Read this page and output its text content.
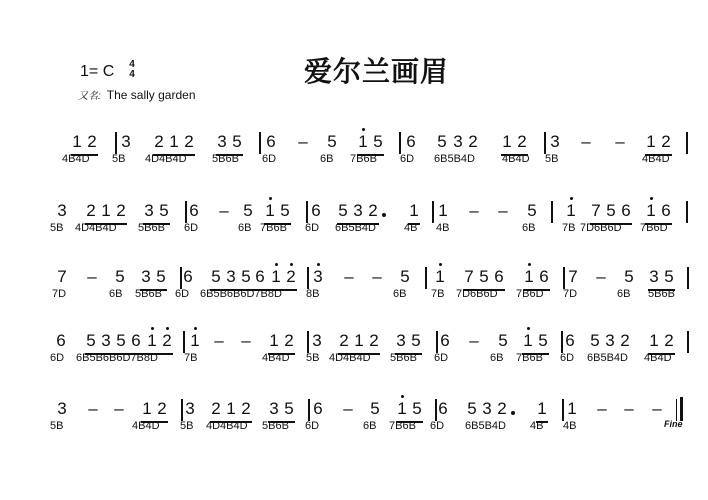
1= C	4
4	爱尔兰画眉
又名: The sally garden
1 2 3 2 1 2 3 5 6 – 5 1 5 6 5 3 2 1 2 3 – – 1 2
4B4D 5B 4D4B4D 5B6B 6D	6B 7B6B 6D 6B5B4D 4B4D 5B	4B4D
3 2 1 2 3 5 6 – 5 1 5 6 5 3 2 1 1 – – 5 1 7 5 6 1 6
5B 4D4B4D 5B6B 6D	6B 7B6B 6D 6B5B4D	4B 4B	6B 7B 7D6B6D 7B6D
7 – 5 3 5 6 5 3 5 6 1 2 3 – – 5 1 7 5 6 1 6 7 – 5 3 5
7D	6B 5B6B 6D 6B5B6B6D7B8D 8B	6B 7B 7D6B6D 7B6D 7D	6B 5B6B
6 5 3 5 6 1 2 1 – – 1 2 3 2 1 2 3 5 6 – 5 1 5 6 5 3 2 1 2
6D 6B5B6B6D7B8D 7B	4B4D 5B 4D4B4D 5B6B 6D	6B 7B6B 6D 6B5B4D 4B4D
3 – – 1 2 3 2 1 2 3 5 6 – 5 1 5 6 5 3 2 1 1 – – –
5B	4B4D 5B 4D4B4D 5B6B 6D	6B 7B6B 6D 6B5B4D 4B 4B	Fine
